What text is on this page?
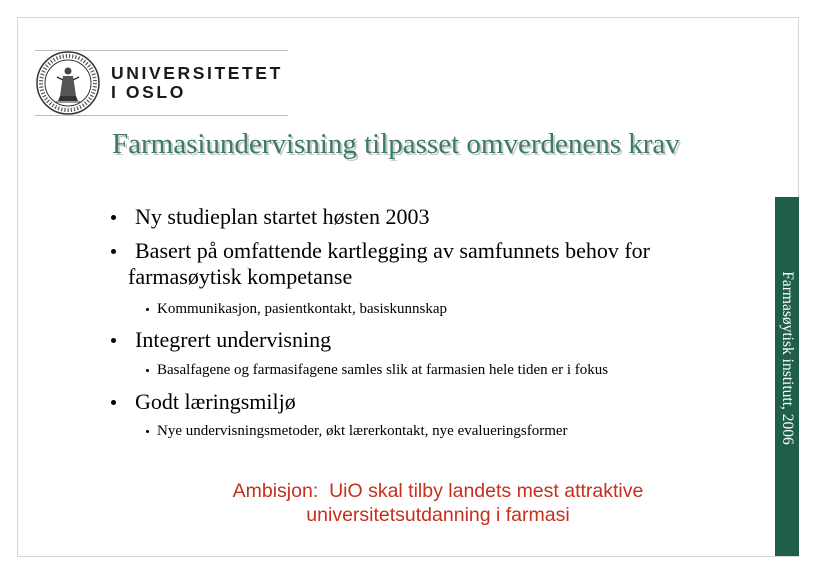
UNIVERSITETET
I OSLO
Farmasiundervisning tilpasset omverdenens krav
Ny studieplan startet høsten 2003
Basert på omfattende kartlegging av samfunnets behov for
farmasøytisk kompetanse
Kommunikasjon, pasientkontakt, basiskunnskap
Integrert undervisning
Basalfagene og farmasifagene samles slik at farmasien hele tiden er i fokus
Godt læringsmiljø
Nye undervisningsmetoder, økt lærerkontakt, nye evalueringsformer
Ambisjon:  UiO skal tilby landets mest attraktive
universitetsutdanning i farmasi
Farmasøytisk institutt, 2006
